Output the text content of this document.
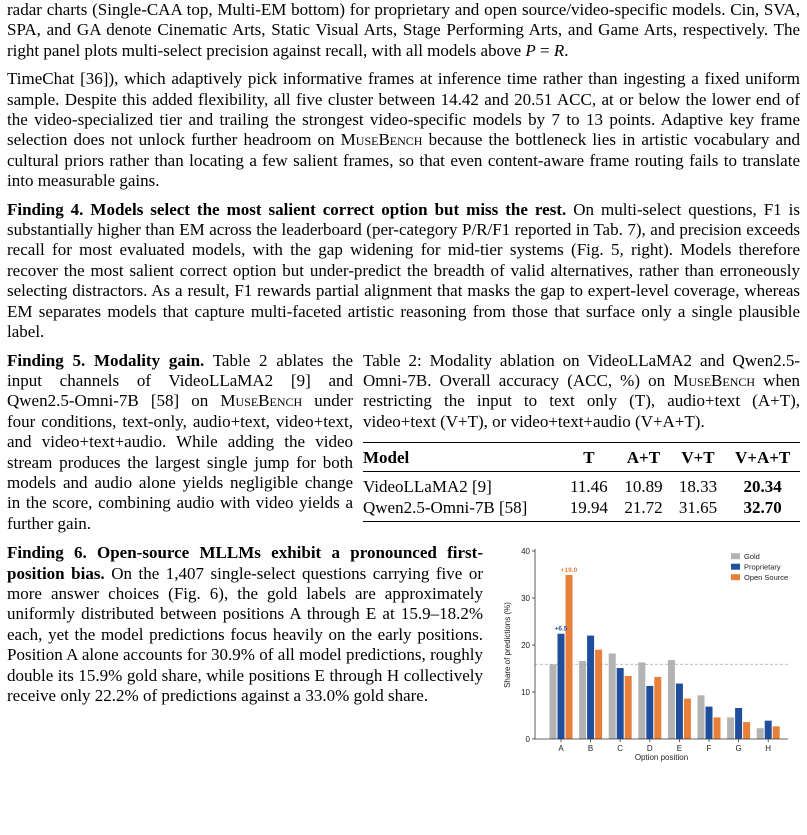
radar charts (Single-CAA top, Multi-EM bottom) for proprietary and open source/video-specific models. Cin, SVA, SPA, and GA denote Cinematic Arts, Static Visual Arts, Stage Performing Arts, and Game Arts, respectively. The right panel plots multi-select precision against recall, with all models above P = R.

TimeChat [36]), which adaptively pick informative frames at inference time rather than ingesting a fixed uniform sample. Despite this added flexibility, all five cluster between 14.42 and 20.51 ACC, at or below the lower end of the video-specialized tier and trailing the strongest video-specific models by 7 to 13 points. Adaptive key frame selection does not unlock further headroom on MuseBench because the bottleneck lies in artistic vocabulary and cultural priors rather than locating a few salient frames, so that even content-aware frame routing fails to translate into measurable gains.

Finding 4. Models select the most salient correct option but miss the rest. On multi-select questions, F1 is substantially higher than EM across the leaderboard (per-category P/R/F1 reported in Tab. 7), and precision exceeds recall for most evaluated models, with the gap widening for mid-tier systems (Fig. 5, right). Models therefore recover the most salient correct option but under-predict the breadth of valid alternatives, rather than erroneously selecting distractors. As a result, F1 rewards partial alignment that masks the gap to expert-level coverage, whereas EM separates models that capture multi-faceted artistic reasoning from those that surface only a single plausible label.

Finding 5. Modality gain. Table 2 ablates the input channels of VideoLLaMA2 [9] and Qwen2.5-Omni-7B [58] on MuseBench under four conditions, text-only, audio+text, video+text, and video+text+audio. While adding the video stream produces the largest single jump for both models and audio alone yields negligible change in the score, combining audio with video yields a further gain.

Table 2: Modality ablation on VideoLLaMA2 and Qwen2.5-Omni-7B. Overall accuracy (ACC, %) on MuseBench when restricting the input to text only (T), audio+text (A+T), video+text (V+T), or video+text+audio (V+A+T).

Model	T	A+T	V+T	V+A+T
VideoLLaMA2 [9]	11.46	10.89	18.33	20.34
Qwen2.5-Omni-7B [58]	19.94	21.72	31.65	32.70

Finding 6. Open-source MLLMs exhibit a pronounced first-position bias. On the 1,407 single-select questions carrying five or more answer choices (Fig. 6), the gold labels are approximately uniformly distributed between positions A through E at 15.9–18.2% each, yet the model predictions focus heavily on the early positions. Position A alone accounts for 30.9% of all model predictions, roughly double its 15.9% gold share, while positions E through H collectively receive only 22.2% of predictions against a 33.0% gold share.

0
10
20
30
40
A	B	C	D	E	F	G	H
Option position
Share of predictions (%)
Gold
Proprietary
Open Source
+19.0
+6.5
